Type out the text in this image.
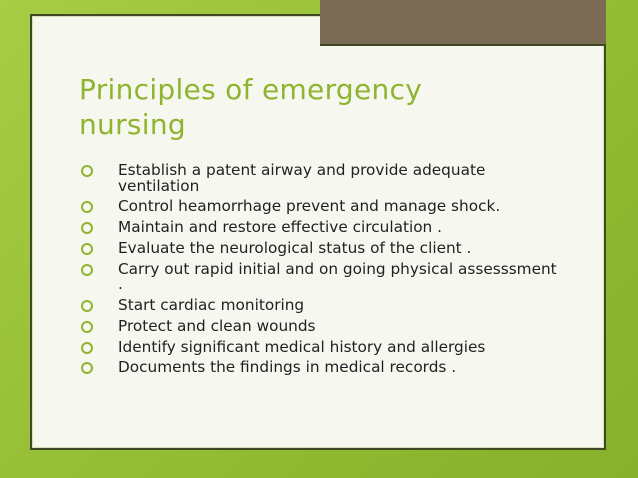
Principles of emergency nursing
Establish a patent airway and provide adequate ventilation
Control heamorrhage prevent and manage shock.
Maintain and restore effective circulation .
Evaluate the neurological status of the client .
Carry out rapid initial and on going physical assesssment .
Start cardiac monitoring
Protect and clean wounds
Identify significant medical history and allergies
Documents the findings in medical records .
